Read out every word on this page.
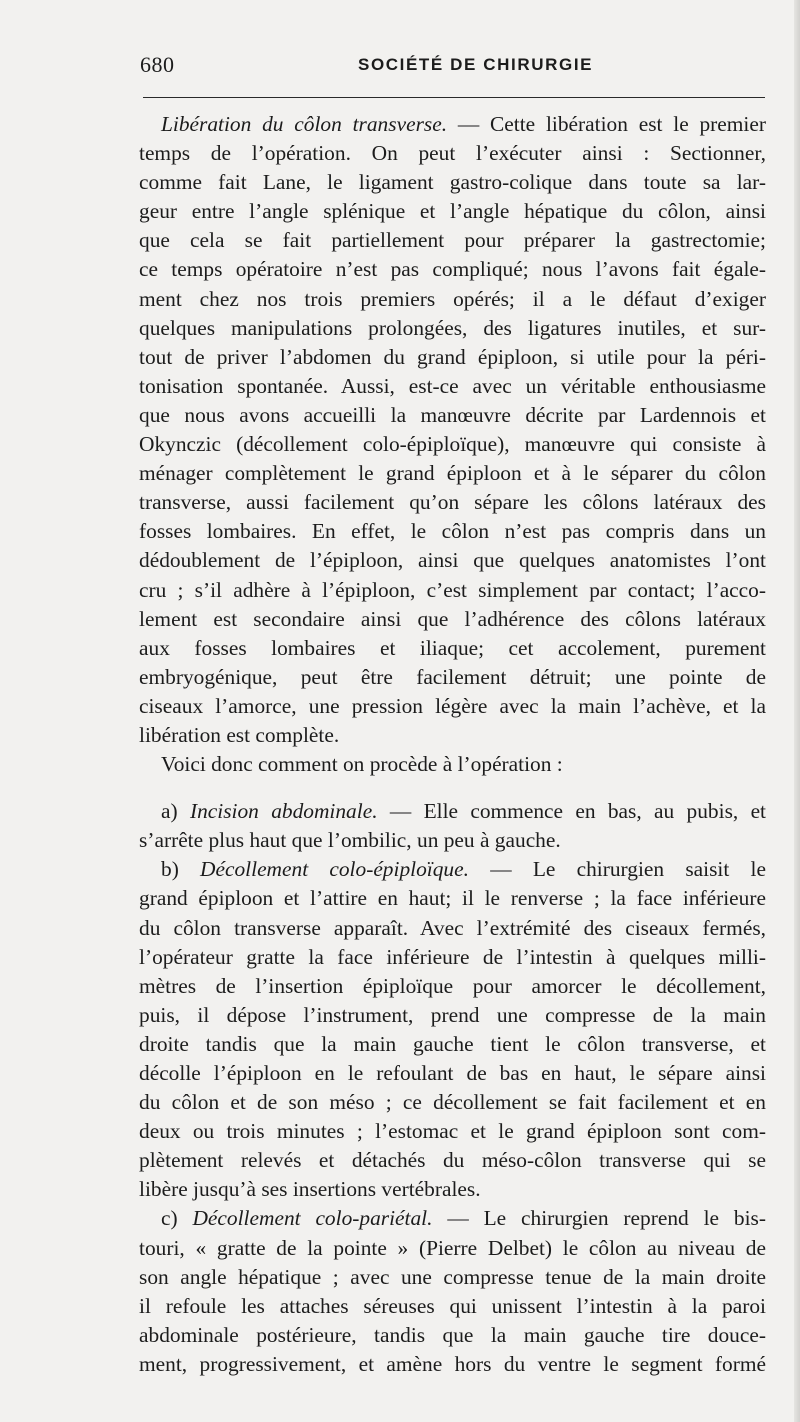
680	SOCIÉTÉ DE CHIRURGIE
Libération du côlon transverse. — Cette libération est le premier
temps de l’opération. On peut l’exécuter ainsi : Sectionner,
comme fait Lane, le ligament gastro-colique dans toute sa lar-
geur entre l’angle splénique et l’angle hépatique du côlon, ainsi
que cela se fait partiellement pour préparer la gastrectomie;
ce temps opératoire n’est pas compliqué; nous l’avons fait égale-
ment chez nos trois premiers opérés; il a le défaut d’exiger
quelques manipulations prolongées, des ligatures inutiles, et sur-
tout de priver l’abdomen du grand épiploon, si utile pour la péri-
tonisation spontanée. Aussi, est-ce avec un véritable enthousiasme
que nous avons accueilli la manœuvre décrite par Lardennois et
Okynczic (décollement colo-épiploïque), manœuvre qui consiste à
ménager complètement le grand épiploon et à le séparer du côlon
transverse, aussi facilement qu’on sépare les côlons latéraux des
fosses lombaires. En effet, le côlon n’est pas compris dans un
dédoublement de l’épiploon, ainsi que quelques anatomistes l’ont
cru ; s’il adhère à l’épiploon, c’est simplement par contact; l’acco-
lement est secondaire ainsi que l’adhérence des côlons latéraux
aux fosses lombaires et iliaque; cet accolement, purement
embryogénique, peut être facilement détruit; une pointe de
ciseaux l’amorce, une pression légère avec la main l’achève, et la
libération est complète.
Voici donc comment on procède à l’opération :
a) Incision abdominale. — Elle commence en bas, au pubis, et
s’arrête plus haut que l’ombilic, un peu à gauche.
b) Décollement colo-épiploïque. — Le chirurgien saisit le
grand épiploon et l’attire en haut; il le renverse ; la face inférieure
du côlon transverse apparaît. Avec l’extrémité des ciseaux fermés,
l’opérateur gratte la face inférieure de l’intestin à quelques milli-
mètres de l’insertion épiploïque pour amorcer le décollement,
puis, il dépose l’instrument, prend une compresse de la main
droite tandis que la main gauche tient le côlon transverse, et
décolle l’épiploon en le refoulant de bas en haut, le sépare ainsi
du côlon et de son méso ; ce décollement se fait facilement et en
deux ou trois minutes ; l’estomac et le grand épiploon sont com-
plètement relevés et détachés du méso-côlon transverse qui se
libère jusqu’à ses insertions vertébrales.
c) Décollement colo-pariétal. — Le chirurgien reprend le bis-
touri, « gratte de la pointe » (Pierre Delbet) le côlon au niveau de
son angle hépatique ; avec une compresse tenue de la main droite
il refoule les attaches séreuses qui unissent l’intestin à la paroi
abdominale postérieure, tandis que la main gauche tire douce-
ment, progressivement, et amène hors du ventre le segment formé
